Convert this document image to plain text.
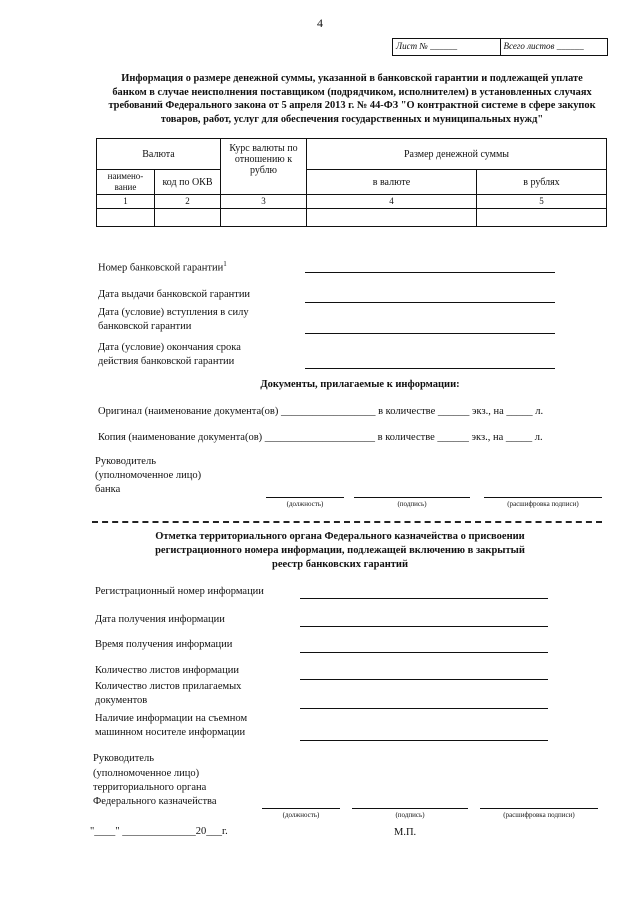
4
Лист № ______	Всего листов ______
Информация о размере денежной суммы, указанной в банковской гарантии и подлежащей уплате
банком в случае неисполнения поставщиком (подрядчиком, исполнителем) в установленных случаях
требований Федерального закона от 5 апреля 2013 г. № 44-ФЗ "О контрактной системе в сфере закупок
товаров, работ, услуг для обеспечения государственных и муниципальных нужд"
Валюта		Курс валюты по отношению к рублю	Размер денежной суммы	
наимено-вание	код по ОКВ		в валюте	в рублях
1	2	3	4	5

Номер банковской гарантии$^1$
Дата выдачи банковской гарантии
Дата (условие) вступления в силу
банковской гарантии
Дата (условие) окончания срока
действия банковской гарантии
Документы, прилагаемые к информации:
Оригинал (наименование документа(ов) __________________ в количестве ______ экз., на _____ л.
Копия (наименование документа(ов) _____________________ в количестве ______ экз., на _____ л.
Руководитель
(уполномоченное лицо)
банка
(должность)	(подпись)	(расшифровка подписи)
Отметка территориального органа Федерального казначейства о присвоении
регистрационного номера информации, подлежащей включению в закрытый
реестр банковских гарантий
Регистрационный номер информации
Дата получения информации
Время получения информации
Количество листов информации
Количество листов прилагаемых
документов
Наличие информации на съемном
машинном носителе информации
Руководитель
(уполномоченное лицо)
территориального органа
Федерального казначейства
(должность)	(подпись)	(расшифровка подписи)
"____" ______________20___г.	М.П.
